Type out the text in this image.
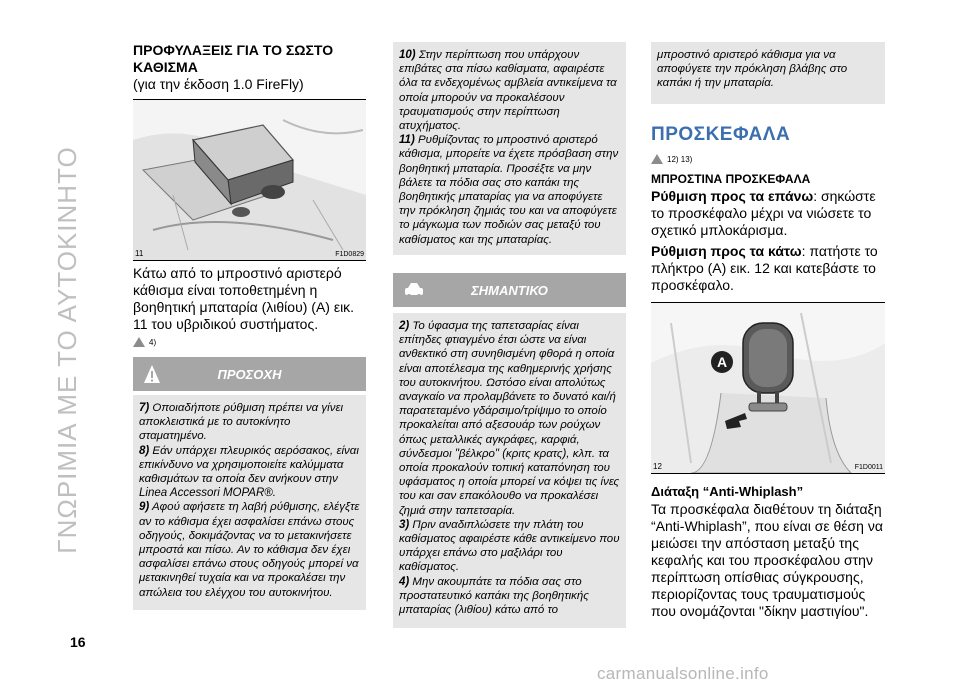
ΓΝΩΡΙΜΙΑ ΜΕ ΤΟ ΑΥΤΟΚΙΝΗΤΟ
16

ΠΡΟΦΥΛΑΞΕΙΣ ΓΙΑ ΤΟ ΣΩΣΤΟ

ΚΑΘΙΣΜΑ

(για την έκδοση 1.0 FireFly)

11	F1D0829

Κάτω από το μπροστινό αριστερό κάθισμα είναι τοποθετημένη η βοηθητική μπαταρία (λιθίου) (A) εικ. 11 του υβριδικού συστήματος.

4)
ΠΡΟΣΟΧΗ
7) Οποιαδήποτε ρύθμιση πρέπει να γίνει αποκλειστικά με το αυτοκίνητο σταματημένο.
8) Εάν υπάρχει πλευρικός αερόσακος, είναι επικίνδυνο να χρησιμοποιείτε καλύμματα καθισμάτων τα οποία δεν ανήκουν στην Linea Accessori MOPAR®.
9) Αφού αφήσετε τη λαβή ρύθμισης, ελέγξτε αν το κάθισμα έχει ασφαλίσει επάνω στους οδηγούς, δοκιμάζοντας να το μετακινήσετε μπροστά και πίσω. Αν το κάθισμα δεν έχει ασφαλίσει επάνω στους οδηγούς μπορεί να μετακινηθεί τυχαία και να προκαλέσει την απώλεια του ελέγχου του αυτοκινήτου.
10) Στην περίπτωση που υπάρχουν επιβάτες στα πίσω καθίσματα, αφαιρέστε όλα τα ενδεχομένως αμβλεία αντικείμενα τα οποία μπορούν να προκαλέσουν τραυματισμούς στην περίπτωση ατυχήματος.
11) Ρυθμίζοντας το μπροστινό αριστερό κάθισμα, μπορείτε να έχετε πρόσβαση στην βοηθητική μπαταρία. Προσέξτε να μην βάλετε τα πόδια σας στο καπάκι της βοηθητικής μπαταρίας για να αποφύγετε την πρόκληση ζημιάς του και να αποφύγετε το μάγκωμα των ποδιών σας μεταξύ του καθίσματος και της μπαταρίας.
ΣΗΜΑΝΤΙΚΟ
2) Το ύφασμα της ταπετσαρίας είναι επίτηδες φτιαγμένο έτσι ώστε να είναι ανθεκτικό στη συνηθισμένη φθορά η οποία είναι αποτέλεσμα της καθημερινής χρήσης του αυτοκινήτου. Ωστόσο είναι απολύτως αναγκαίο να προλαμβάνετε το δυνατό και/ή παρατεταμένο γδάρσιμο/τρίψιμο το οποίο προκαλείται από αξεσουάρ των ρούχων όπως μεταλλικές αγκράφες, καρφιά, σύνδεσμοι "βέλκρο" (κριτς κρατς), κλπ. τα οποία προκαλούν τοπική καταπόνηση του υφάσματος η οποία μπορεί να κόψει τις ίνες του και σαν επακόλουθο να προκαλέσει ζημιά στην ταπετσαρία.
3) Πριν αναδιπλώσετε την πλάτη του καθίσματος αφαιρέστε κάθε αντικείμενο που υπάρχει επάνω στο μαξιλάρι του καθίσματος.
4) Μην ακουμπάτε τα πόδια σας στο προστατευτικό καπάκι της βοηθητικής μπαταρίας (λιθίου) κάτω από το
μπροστινό αριστερό κάθισμα για να αποφύγετε την πρόκληση βλάβης στο καπάκι ή την μπαταρία.
ΠΡΟΣΚΕΦΑΛΑ
12) 13)
ΜΠΡΟΣΤΙΝΑ ΠΡΟΣΚΕΦΑΛΑ

Ρύθμιση προς τα επάνω: σηκώστε το προσκέφαλο μέχρι να νιώσετε το σχετικό μπλοκάρισμα.

Ρύθμιση προς τα κάτω: πατήστε το πλήκτρο (A) εικ. 12 και κατεβάστε το προσκέφαλο.

A
12	F1D0011
Διάταξη “Anti-Whiplash”

Τα προσκέφαλα διαθέτουν τη διάταξη “Anti-Whiplash”, που είναι σε θέση να μειώσει την απόσταση μεταξύ της κεφαλής και του προσκέφαλου στην περίπτωση οπίσθιας σύγκρουσης, περιορίζοντας τους τραυματισμούς που ονομάζονται "δίκην μαστιγίου".

carmanualsonline.info
